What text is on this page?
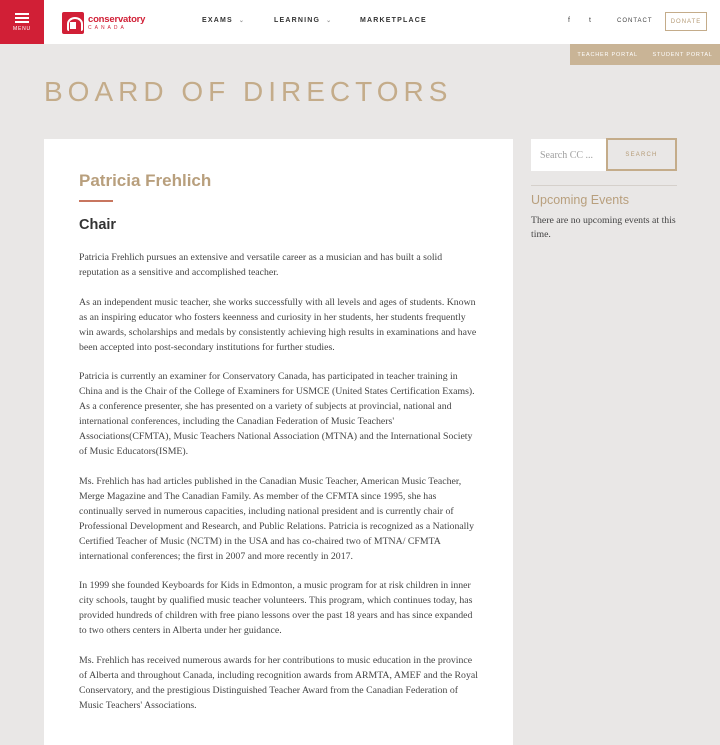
MENU
conservatory
CANADA
EXAMS ⌄	LEARNING ⌄	MARKETPLACE	f	t	CONTACT	DONATE
TEACHER PORTAL	STUDENT PORTAL
BOARD OF DIRECTORS
Patricia Frehlich
Chair

Patricia Frehlich pursues an extensive and versatile career as a musician and has built a solid reputation as a sensitive and accomplished teacher.

As an independent music teacher, she works successfully with all levels and ages of students. Known as an inspiring educator who fosters keenness and curiosity in her students, her students frequently win awards, scholarships and medals by consistently achieving high results in examinations and have been accepted into post-secondary institutions for further studies.

Patricia is currently an examiner for Conservatory Canada, has participated in teacher training in China and is the Chair of the College of Examiners for USMCE (United States Certification Exams). As a conference presenter, she has presented on a variety of subjects at provincial, national and international conferences, including the Canadian Federation of Music Teachers' Associations(CFMTA), Music Teachers National Association (MTNA) and the International Society of Music Educators(ISME).

Ms. Frehlich has had articles published in the Canadian Music Teacher, American Music Teacher, Merge Magazine and The Canadian Family. As member of the CFMTA since 1995, she has continually served in numerous capacities, including national president and is currently chair of Professional Development and Research, and Public Relations. Patricia is recognized as a Nationally Certified Teacher of Music (NCTM) in the USA and has co-chaired two of MTNA/ CFMTA international conferences; the first in 2007 and more recently in 2017.

In 1999 she founded Keyboards for Kids in Edmonton, a music program for at risk children in inner city schools, taught by qualified music teacher volunteers. This program, which continues today, has provided hundreds of children with free piano lessons over the past 18 years and has since expanded to two others centers in Alberta under her guidance.

Ms. Frehlich has received numerous awards for her contributions to music education in the province of Alberta and throughout Canada, including recognition awards from ARMTA, AMEF and the Royal Conservatory, and the prestigious Distinguished Teacher Award from the Canadian Federation of Music Teachers' Associations.

Search CC ...
SEARCH
Upcoming Events
There are no upcoming events at this time.
